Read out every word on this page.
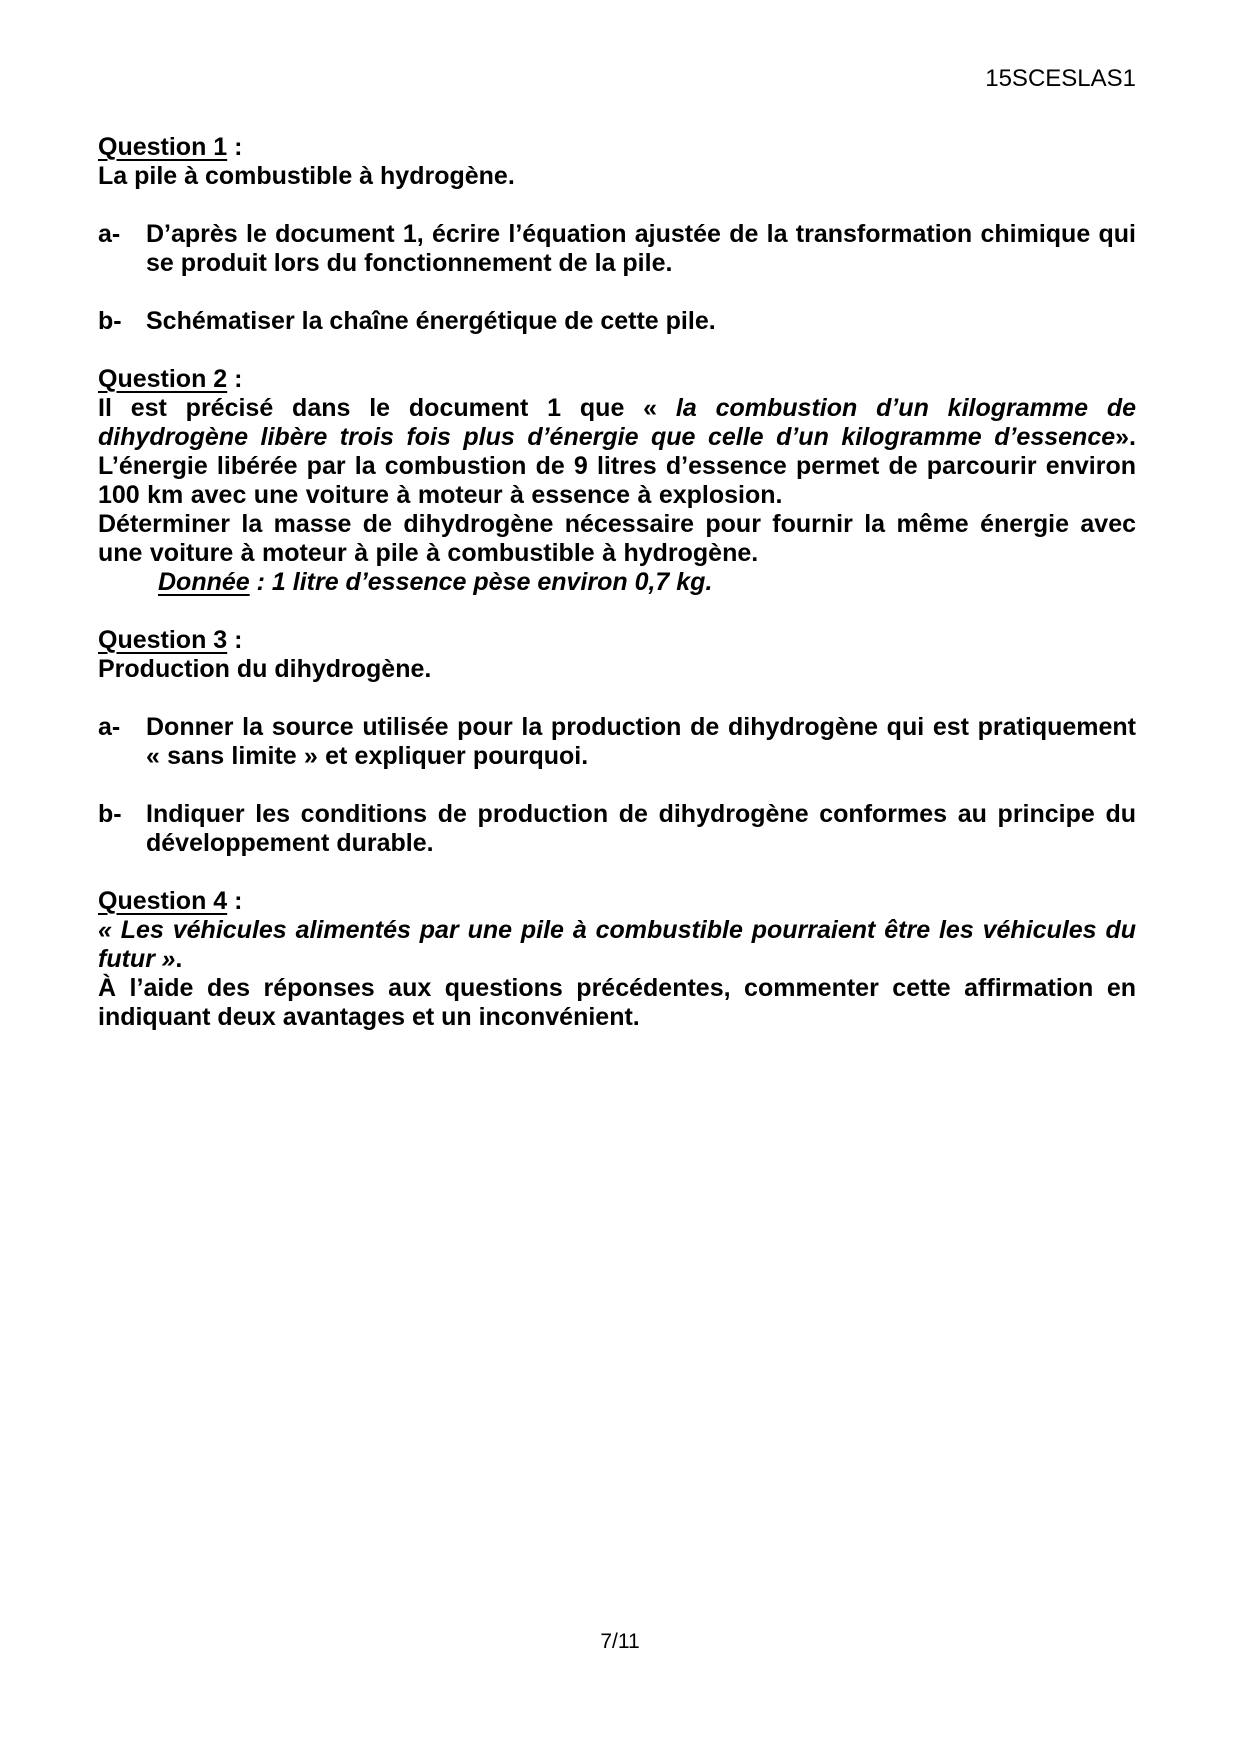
15SCESLAS1
Question 1 :
La pile à combustible à hydrogène.
a-	D’après le document 1, écrire l’équation ajustée de la transformation chimique qui se produit lors du fonctionnement de la pile.
b- Schématiser la chaîne énergétique de cette pile.
Question 2 :
Il est précisé dans le document 1 que « la combustion d’un kilogramme de dihydrogène libère trois fois plus d’énergie que celle d’un kilogramme d’essence». L’énergie libérée par la combustion de 9 litres d’essence permet de parcourir environ 100 km avec une voiture à moteur à essence à explosion.
Déterminer la masse de dihydrogène nécessaire pour fournir la même énergie avec une voiture à moteur à pile à combustible à hydrogène.
Donnée : 1 litre d’essence pèse environ 0,7 kg.
Question 3 :
Production du dihydrogène.
a-	Donner la source utilisée pour la production de dihydrogène qui est pratiquement « sans limite » et expliquer pourquoi.
b- Indiquer les conditions de production de dihydrogène conformes au principe du développement durable.
Question 4 :
« Les véhicules alimentés par une pile à combustible pourraient être les véhicules du futur ».
À l’aide des réponses aux questions précédentes, commenter cette affirmation en indiquant deux avantages et un inconvénient.
7/11
